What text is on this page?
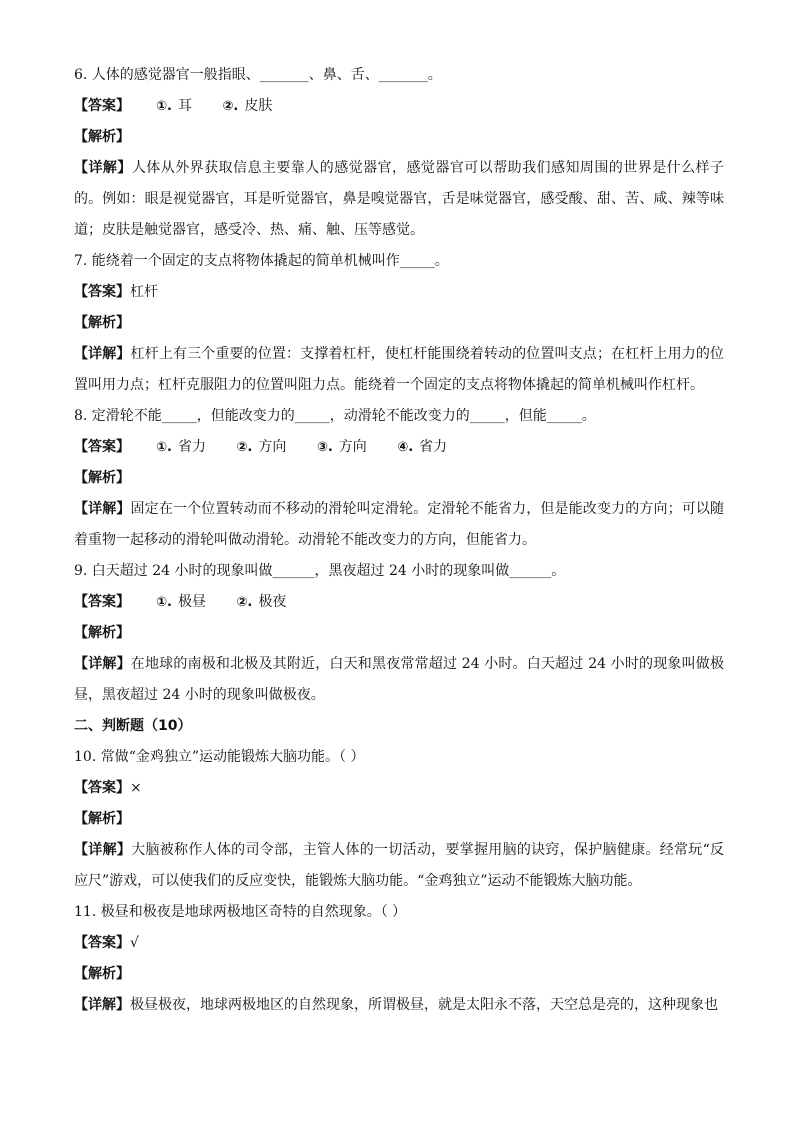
6. 人体的感觉器官一般指眼、_______、鼻、舌、_______。
【答案】 ①. 耳 ②. 皮肤
【解析】
【详解】人体从外界获取信息主要靠人的感觉器官，感觉器官可以帮助我们感知周围的世界是什么样子的。例如：眼是视觉器官，耳是听觉器官，鼻是嗅觉器官，舌是味觉器官，感受酸、甜、苦、咸、辣等味道；皮肤是触觉器官，感受冷、热、痛、触、压等感觉。
7. 能绕着一个固定的支点将物体撬起的简单机械叫作_____。
【答案】杠杆
【解析】
【详解】杠杆上有三个重要的位置：支撑着杠杆，使杠杆能围绕着转动的位置叫支点；在杠杆上用力的位置叫用力点；杠杆克服阻力的位置叫阻力点。能绕着一个固定的支点将物体撬起的简单机械叫作杠杆。
8. 定滑轮不能_____，但能改变力的_____，动滑轮不能改变力的_____，但能_____。
【答案】 ①. 省力 ②. 方向 ③. 方向 ④. 省力
【解析】
【详解】固定在一个位置转动而不移动的滑轮叫定滑轮。定滑轮不能省力，但是能改变力的方向；可以随着重物一起移动的滑轮叫做动滑轮。动滑轮不能改变力的方向，但能省力。
9. 白天超过 24 小时的现象叫做______，黑夜超过 24 小时的现象叫做______。
【答案】 ①. 极昼 ②. 极夜
【解析】
【详解】在地球的南极和北极及其附近，白天和黑夜常常超过 24 小时。白天超过 24 小时的现象叫做极昼，黑夜超过 24 小时的现象叫做极夜。
二、判断题（10）
10. 常做“金鸡独立”运动能锻炼大脑功能。（ ）
【答案】×
【解析】
【详解】大脑被称作人体的司令部，主管人体的一切活动，要掌握用脑的诀窍，保护脑健康。经常玩“反应尺”游戏，可以使我们的反应变快，能锻炼大脑功能。“金鸡独立”运动不能锻炼大脑功能。
11. 极昼和极夜是地球两极地区奇特的自然现象。（ ）
【答案】√
【解析】
【详解】极昼极夜，地球两极地区的自然现象，所谓极昼，就是太阳永不落，天空总是亮的，这种现象也
